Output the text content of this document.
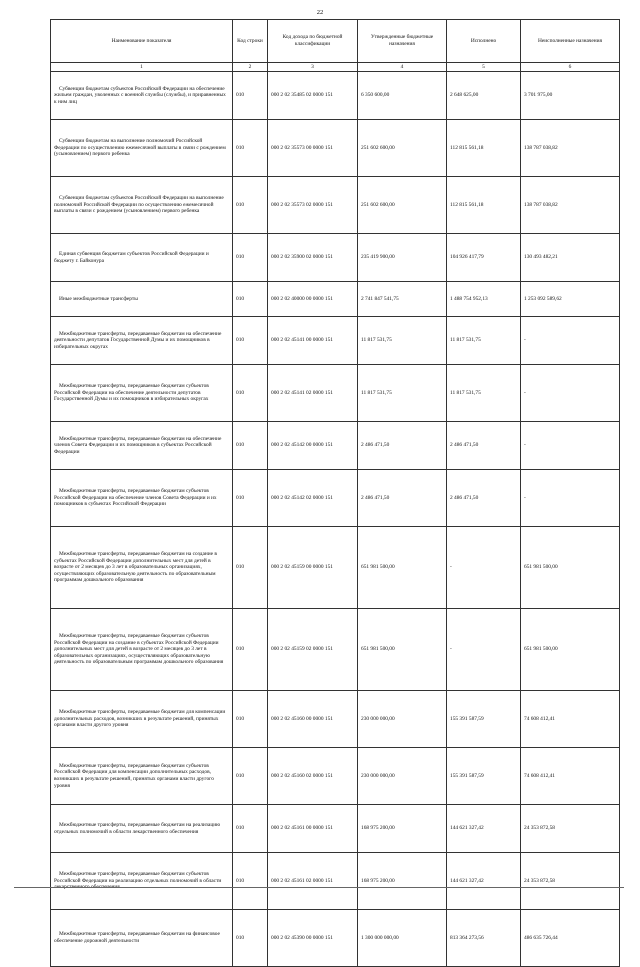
22
Наименование показателя	Код строки	Код дохода по бюджетной классификации	Утвержденные бюджетные назначения	Исполнено	Неисполненные назначения
1	2	3	4	5	6
Субвенции бюджетам субъектов Российской Федерации на обеспечение жильем граждан, уволенных с военной службы (службы), и приравненных к ним лиц	010	000 2 02 35485 02 0000 151	6 350 600,00	2 648 625,00	3 701 975,00
Субвенции бюджетам на выполнение полномочий Российской Федерации по осуществлению ежемесячной выплаты в связи с рождением (усыновлением) первого ребенка	010	000 2 02 35573 00 0000 151	251 602 600,00	112 815 561,18	138 787 038,82
Субвенции бюджетам субъектов Российской Федерации на выполнение полномочий Российской Федерации по осуществлению ежемесячной выплаты в связи с рождением (усыновлением) первого ребенка	010	000 2 02 35573 02 0000 151	251 602 600,00	112 815 561,18	138 787 038,82
Единая субвенция бюджетам субъектов Российской Федерации и бюджету г. Байконура	010	000 2 02 35900 02 0000 151	235 419 900,00	104 926 417,79	130 493 482,21
Иные межбюджетные трансферты	010	000 2 02 40000 00 0000 151	2 741 847 541,75	1 488 754 952,13	1 253 092 589,62
Межбюджетные трансферты, передаваемые бюджетам на обеспечение деятельности депутатов Государственной Думы и их помощников в избирательных округах	010	000 2 02 45141 00 0000 151	11 817 531,75	11 817 531,75	-
Межбюджетные трансферты, передаваемые бюджетам субъектов Российской Федерации на обеспечение деятельности депутатов Государственной Думы и их помощников в избирательных округах	010	000 2 02 45141 02 0000 151	11 817 531,75	11 817 531,75	-
Межбюджетные трансферты, передаваемые бюджетам на обеспечение членов Совета Федерации и их помощников в субъектах Российской Федерации	010	000 2 02 45142 00 0000 151	2 486 471,50	2 486 471,50	-
Межбюджетные трансферты, передаваемые бюджетам субъектов Российской Федерации на обеспечение членов Совета Федерации и их помощников в субъектах Российской Федерации	010	000 2 02 45142 02 0000 151	2 486 471,50	2 486 471,50	-
Межбюджетные трансферты, передаваемые бюджетам на создание в субъектах Российской Федерации дополнительных мест для детей в возрасте от 2 месяцев до 3 лет в образовательных организациях, осуществляющих образовательную деятельность по образовательным программам дошкольного образования	010	000 2 02 45159 00 0000 151	651 981 500,00	-	651 981 500,00
Межбюджетные трансферты, передаваемые бюджетам субъектов Российской Федерации на создание в субъектах Российской Федерации дополнительных мест для детей в возрасте от 2 месяцев до 3 лет в образовательных организациях, осуществляющих образовательную деятельность по образовательным программам дошкольного образования	010	000 2 02 45159 02 0000 151	651 981 500,00	-	651 981 500,00
Межбюджетные трансферты, передаваемые бюджетам для компенсации дополнительных расходов, возникших в результате решений, принятых органами власти другого уровня	010	000 2 02 45160 00 0000 151	230 000 000,00	155 391 587,59	74 608 412,41
Межбюджетные трансферты, передаваемые бюджетам субъектов Российской Федерации для компенсации дополнительных расходов, возникших в результате решений, принятых органами власти другого уровня	010	000 2 02 45160 02 0000 151	230 000 000,00	155 391 587,59	74 608 412,41
Межбюджетные трансферты, передаваемые бюджетам на реализацию отдельных полномочий в области лекарственного обеспечения	010	000 2 02 45161 00 0000 151	168 975 200,00	144 621 327,42	24 353 872,58
Межбюджетные трансферты, передаваемые бюджетам субъектов Российской Федерации на реализацию отдельных полномочий в области лекарственного обеспечения	010	000 2 02 45161 02 0000 151	168 975 200,00	144 621 327,42	24 353 872,58
Межбюджетные трансферты, передаваемые бюджетам на финансовое обеспечение дорожной деятельности	010	000 2 02 45390 00 0000 151	1 300 000 000,00	813 364 273,56	486 635 726,44
